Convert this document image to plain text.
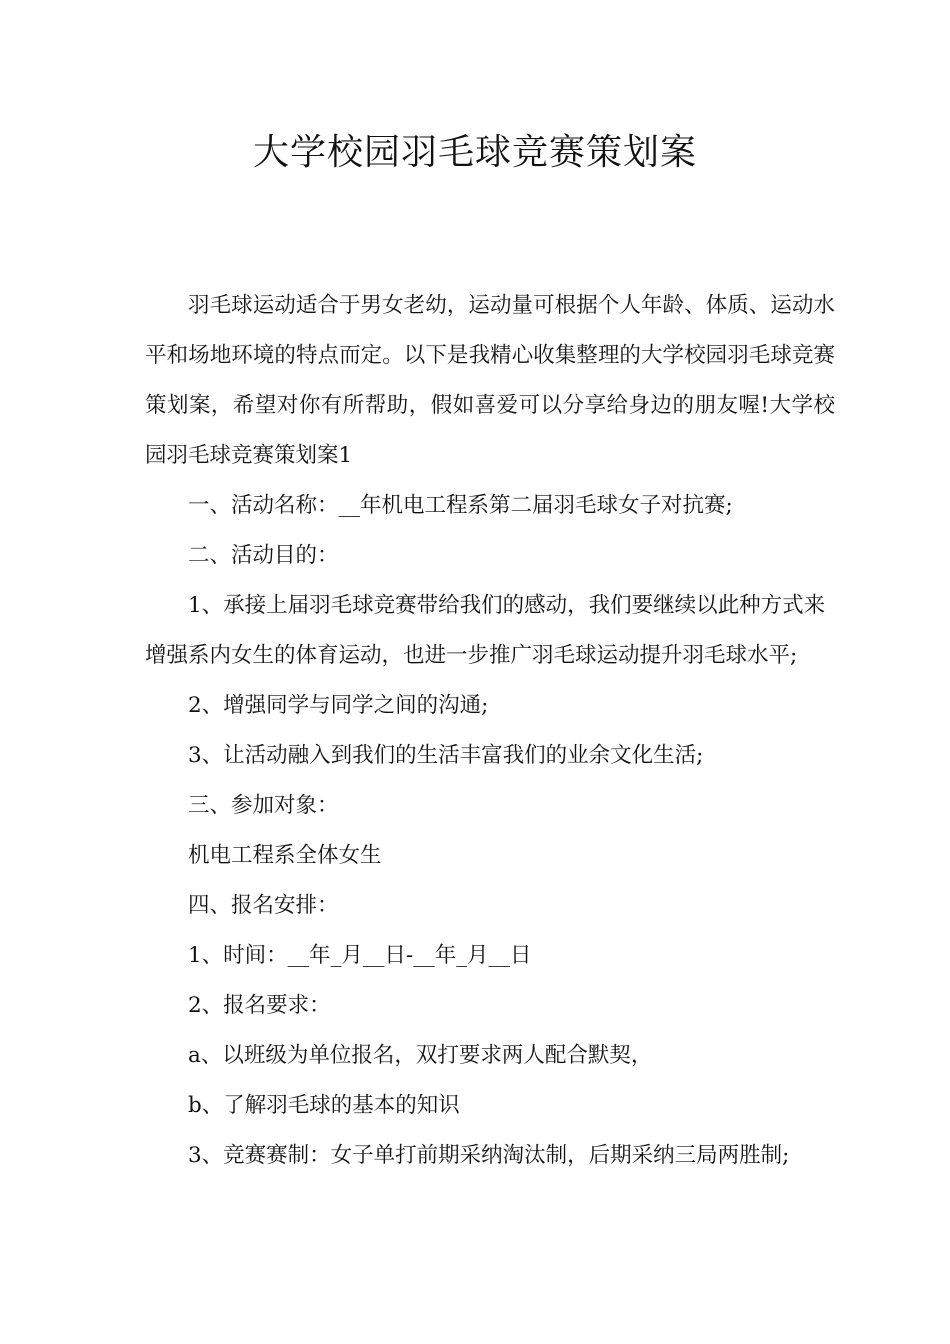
大学校园羽毛球竞赛策划案

羽毛球运动适合于男女老幼，运动量可根据个人年龄、体质、运动水平和场地环境的特点而定。以下是我精心收集整理的大学校园羽毛球竞赛策划案，希望对你有所帮助，假如喜爱可以分享给身边的朋友喔!大学校园羽毛球竞赛策划案1

一、活动名称：__年机电工程系第二届羽毛球女子对抗赛;

二、活动目的：

1、承接上届羽毛球竞赛带给我们的感动，我们要继续以此种方式来增强系内女生的体育运动，也进一步推广羽毛球运动提升羽毛球水平;

2、增强同学与同学之间的沟通;

3、让活动融入到我们的生活丰富我们的业余文化生活;

三、参加对象：

机电工程系全体女生

四、报名安排：

1、时间：__年_月__日-__年_月__日

2、报名要求：

a、以班级为单位报名，双打要求两人配合默契，

b、了解羽毛球的基本的知识

3、竞赛赛制：女子单打前期采纳淘汰制，后期采纳三局两胜制;
